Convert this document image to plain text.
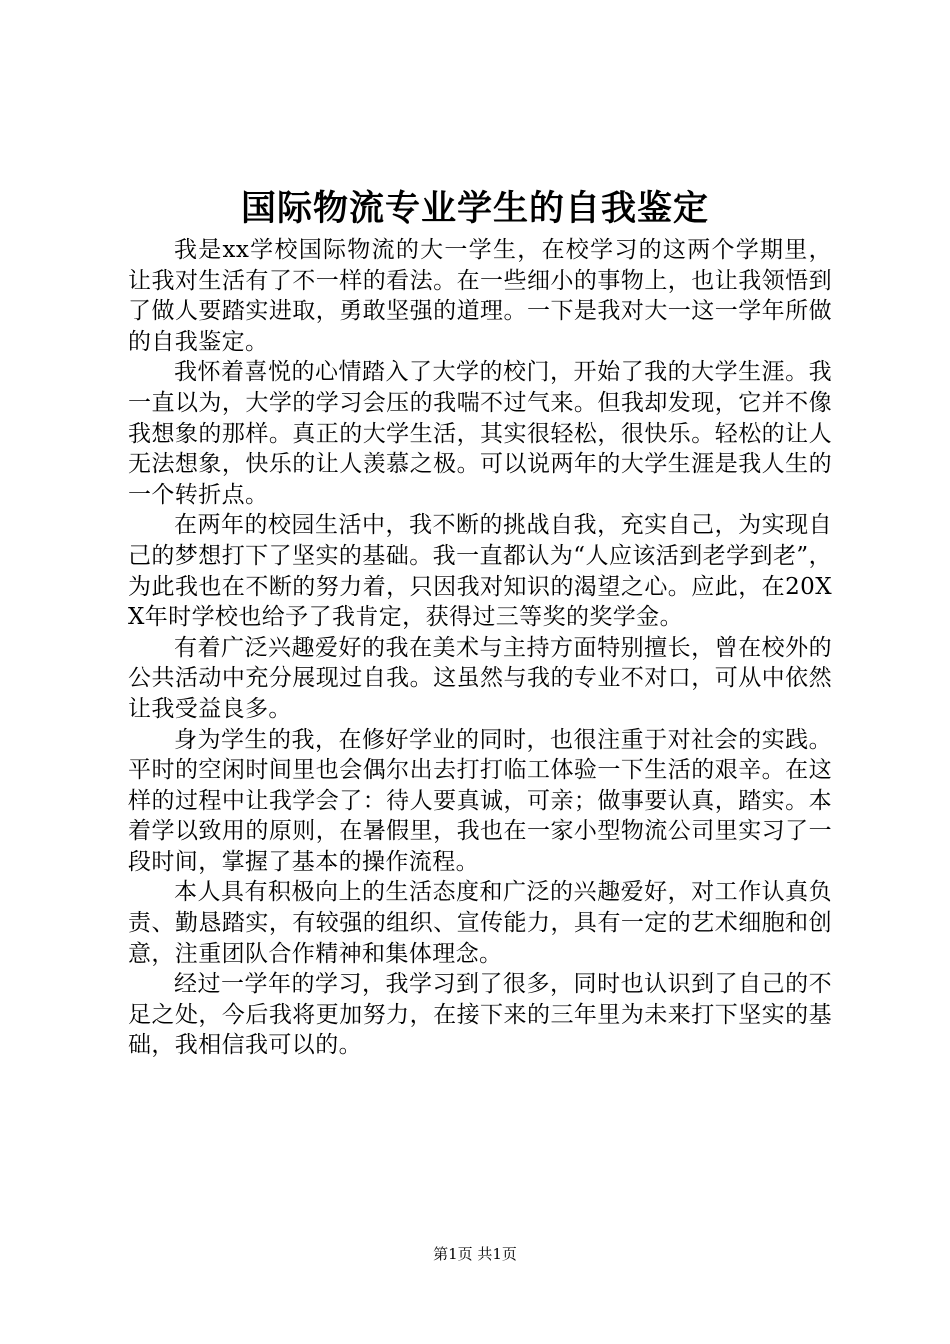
国际物流专业学生的自我鉴定

我是xx学校国际物流的大一学生，在校学习的这两个学期里，让我对生活有了不一样的看法。在一些细小的事物上，也让我领悟到了做人要踏实进取，勇敢坚强的道理。一下是我对大一这一学年所做的自我鉴定。

我怀着喜悦的心情踏入了大学的校门，开始了我的大学生涯。我一直以为，大学的学习会压的我喘不过气来。但我却发现，它并不像我想象的那样。真正的大学生活，其实很轻松，很快乐。轻松的让人无法想象，快乐的让人羡慕之极。可以说两年的大学生涯是我人生的一个转折点。

在两年的校园生活中，我不断的挑战自我，充实自己，为实现自己的梦想打下了坚实的基础。我一直都认为“人应该活到老学到老”，为此我也在不断的努力着，只因我对知识的渴望之心。应此，在20XX年时学校也给予了我肯定，获得过三等奖的奖学金。

有着广泛兴趣爱好的我在美术与主持方面特别擅长，曾在校外的公共活动中充分展现过自我。这虽然与我的专业不对口，可从中依然让我受益良多。

身为学生的我，在修好学业的同时，也很注重于对社会的实践。平时的空闲时间里也会偶尔出去打打临工体验一下生活的艰辛。在这样的过程中让我学会了：待人要真诚，可亲；做事要认真，踏实。本着学以致用的原则，在暑假里，我也在一家小型物流公司里实习了一段时间，掌握了基本的操作流程。

本人具有积极向上的生活态度和广泛的兴趣爱好，对工作认真负责、勤恳踏实，有较强的组织、宣传能力，具有一定的艺术细胞和创意，注重团队合作精神和集体理念。

经过一学年的学习，我学习到了很多，同时也认识到了自己的不足之处，今后我将更加努力，在接下来的三年里为未来打下坚实的基础，我相信我可以的。

第1页 共1页
